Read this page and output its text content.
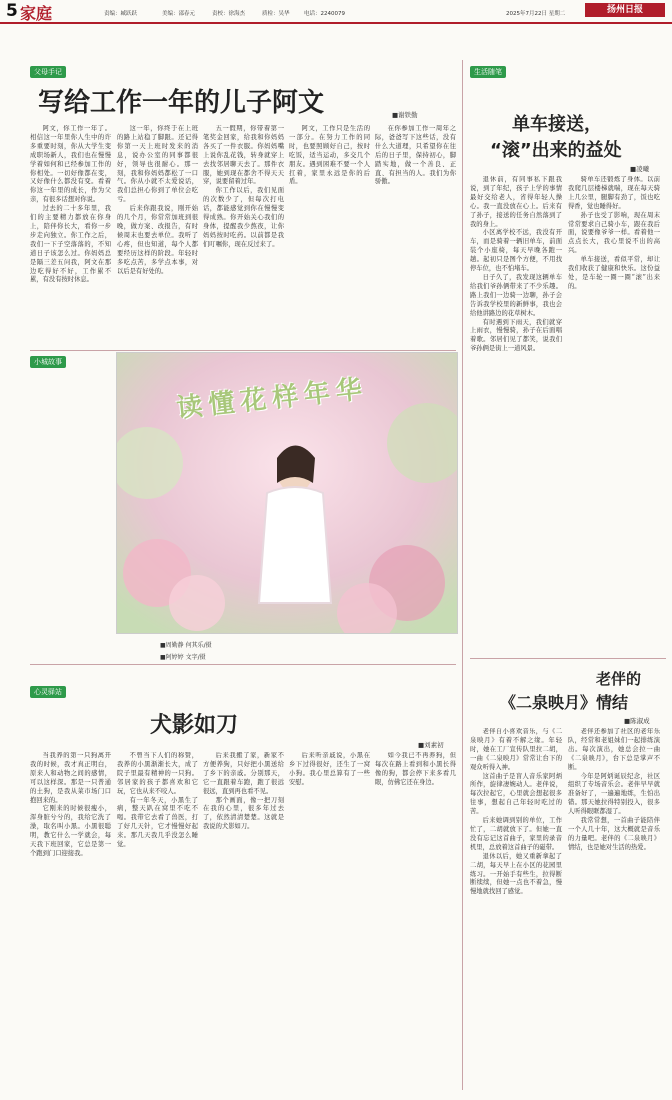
5 家庭	责编：臧跃跃	美编：邵春元	责校：徐海杰	质检：吴华	电话：2240079	2025年7月22日 星期二	扬州日报
父母手记
写给工作一年的儿子阿文	■谢铁勤

阿文，你工作一年了。相信这一年里你人生中的许多重要时刻，你从大学生变成职场新人，我们也在慢慢学着如何和已经参加工作的你相处。一切好像都在变，又好像什么都没有变。看着你这一年里的成长，作为父亲，有很多话想对你说。

过去的二十多年里，我们的主要精力都放在你身上，陪伴你长大，看你一步步走向独立。你工作之后，我们一下子空落落的，不知道日子该怎么过。你妈妈总是隔三差五问我，阿文在那边吃得好不好，工作累不累，有没有按时休息。

这一年，你终于在上班的路上站稳了脚跟。还记得你第一天上班时发来的消息，说办公室的同事都很好，领导也很耐心。那一刻，我和你妈妈都松了一口气。你从小就不太爱说话，我们总担心你到了单位会吃亏。

后来你跟我说，刚开始的几个月，你常常加班到很晚，做方案、改报告，有时候周末也要去单位。我听了心疼，但也知道，每个人都要经历这样的阶段。年轻时多吃点苦，多学点本事，对以后是有好处的。

五一假期，你带着第一笔奖金回家，给我和你妈妈各买了一件衣服。你妈妈嘴上说你乱花钱，转身就穿上去找邻居聊天去了。那件衣服，她到现在都舍不得天天穿，说要留着过年。

你工作以后，我们见面的次数少了，但每次打电话，都能感觉到你在慢慢变得成熟。你开始关心我们的身体，提醒我少熬夜，让你妈妈按时吃药。以前都是我们叮嘱你，现在反过来了。

阿文，工作只是生活的一部分。在努力工作的同时，也要照顾好自己，按时吃饭，适当运动，多交几个朋友。遇到困难不要一个人扛着，家里永远是你的后盾。

在你参加工作一周年之际，爸爸写下这些话，没有什么大道理，只希望你在往后的日子里，保持初心，脚踏实地，做一个善良、正直、有担当的人。我们为你骄傲。

生活随笔
单车接送，
“滚”出来的益处
■凌曦

退休前，有同事私下跟我说，到了年纪，孩子上学的事情最好交给老人，省得年轻人操心。我一直没放在心上。后来有了孙子，接送的任务自然落到了我的身上。

小区离学校不远，我没有开车，而是骑着一辆旧单车，前面装个小座椅，每天早晚各跑一趟。起初只是图个方便，不用找停车位，也不怕堵车。

日子久了，我发现这辆单车给我们爷孙俩带来了不少乐趣。路上我们一边骑一边聊，孙子会告诉我学校里的新鲜事，我也会给他讲路边的花草树木。

有时遇到下雨天，我们就穿上雨衣，慢慢骑，孙子在后面唱着歌。邻居们见了都笑，说我们爷孙俩是街上一道风景。

骑单车还锻炼了身体。以前我爬几层楼梯就喘，现在每天骑上几公里，腿脚有劲了，饭也吃得香，觉也睡得好。

孙子也受了影响，现在周末常常要求自己骑小车，跟在我后面，说要像爷爷一样。看着他一点点长大，我心里说不出的高兴。

单车接送，看似平常，却让我们收获了健康和快乐。这份益处，是车轮一圈一圈“滚”出来的。

小城故事
读懂花样年华
■周勤静 何其乐/摄
■阿婷婷 文字/摄
心灵驿站
犬影如刀
■刘素初

当我养的第一只狗离开我的时候，我才真正明白，原来人和动物之间的感情，可以这样深。那是一只普通的土狗，是我从菜市场门口抱回来的。

它刚来的时候很瘦小，浑身脏兮兮的，我给它洗了澡，取名叫小黑。小黑很聪明，教它什么一学就会，每天我下班回家，它总是第一个跑到门口迎接我。

不曾当下人们的称赞，我养的小黑渐渐长大，成了院子里最有精神的一只狗。邻居家的孩子都喜欢和它玩，它也从来不咬人。

有一年冬天，小黑生了病，整天趴在窝里不吃不喝。我带它去看了兽医，打了好几天针，它才慢慢好起来。那几天我几乎没怎么睡觉。

后来我搬了家，新家不方便养狗，只好把小黑送给了乡下的亲戚。分别那天，它一直跟着车跑，跑了很远很远，直到再也看不见。

那个画面，像一把刀刻在我的心里，很多年过去了，依然清清楚楚。这就是我说的犬影如刀。

后来听亲戚说，小黑在乡下过得很好，还生了一窝小狗。我心里总算有了一些安慰。

如今我已不再养狗，但每次在路上看到和小黑长得像的狗，都会停下来多看几眼，仿佛它还在身边。

老伴的
《二泉映月》情结
■陈淑成

老伴自小喜欢音乐，与《二泉映月》有着不解之缘。年轻时，她在工厂宣传队里拉二胡，一曲《二泉映月》常常让台下的观众听得入神。

这首曲子是盲人音乐家阿炳所作，旋律凄婉动人。老伴说，每次拉起它，心里就会想起很多往事，想起自己年轻时吃过的苦。

后来她调到别的单位，工作忙了，二胡就放下了。但她一直没有忘记这首曲子，家里的录音机里，总放着这首曲子的磁带。

退休以后，她又重新拿起了二胡，每天早上在小区的花园里练习。一开始手有些生，拉得断断续续，但她一点也不着急，慢慢地就找回了感觉。

老伴还参加了社区的老年乐队，经常和老姐妹们一起排练演出。每次演出，她总会拉一曲《二泉映月》，台下总是掌声不断。

今年是阿炳诞辰纪念，社区组织了专场音乐会。老伴早早就准备好了，一遍遍地练，生怕出错。那天她拉得特别投入，很多人听得眼眶都湿了。

我常常想，一首曲子能陪伴一个人几十年，这大概就是音乐的力量吧。老伴的《二泉映月》情结，也是她对生活的热爱。
